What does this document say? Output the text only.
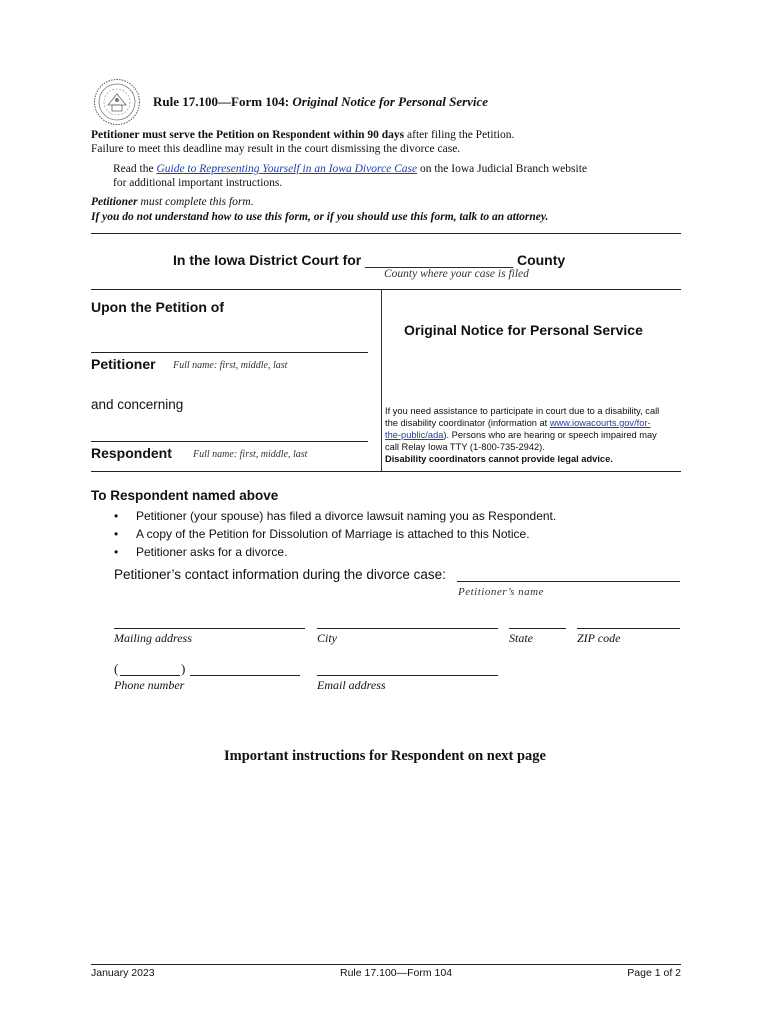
Rule 17.100—Form 104: Original Notice for Personal Service
Petitioner must serve the Petition on Respondent within 90 days after filing the Petition.
Failure to meet this deadline may result in the court dismissing the divorce case.
Read the Guide to Representing Yourself in an Iowa Divorce Case on the Iowa Judicial Branch website
for additional important instructions.
Petitioner must complete this form.
If you do not understand how to use this form, or if you should use this form, talk to an attorney.
In the Iowa District Court for ___________________ County
County where your case is filed
Upon the Petition of
Petitioner Full name: first, middle, last
and concerning
Respondent Full name: first, middle, last
Original Notice for Personal Service
If you need assistance to participate in court due to a disability, call
the disability coordinator (information at www.iowacourts.gov/for-
the-public/ada). Persons who are hearing or speech impaired may
call Relay Iowa TTY (1-800-735-2942).
Disability coordinators cannot provide legal advice.
To Respondent named above
• Petitioner (your spouse) has filed a divorce lawsuit naming you as Respondent.
• A copy of the Petition for Dissolution of Marriage is attached to this Notice.
• Petitioner asks for a divorce.
Petitioner’s contact information during the divorce case:
Petitioner’s name
Mailing address	City	State	ZIP code
(	)
Phone number	Email address
Important instructions for Respondent on next page
January 2023	Rule 17.100—Form 104	Page 1 of 2
